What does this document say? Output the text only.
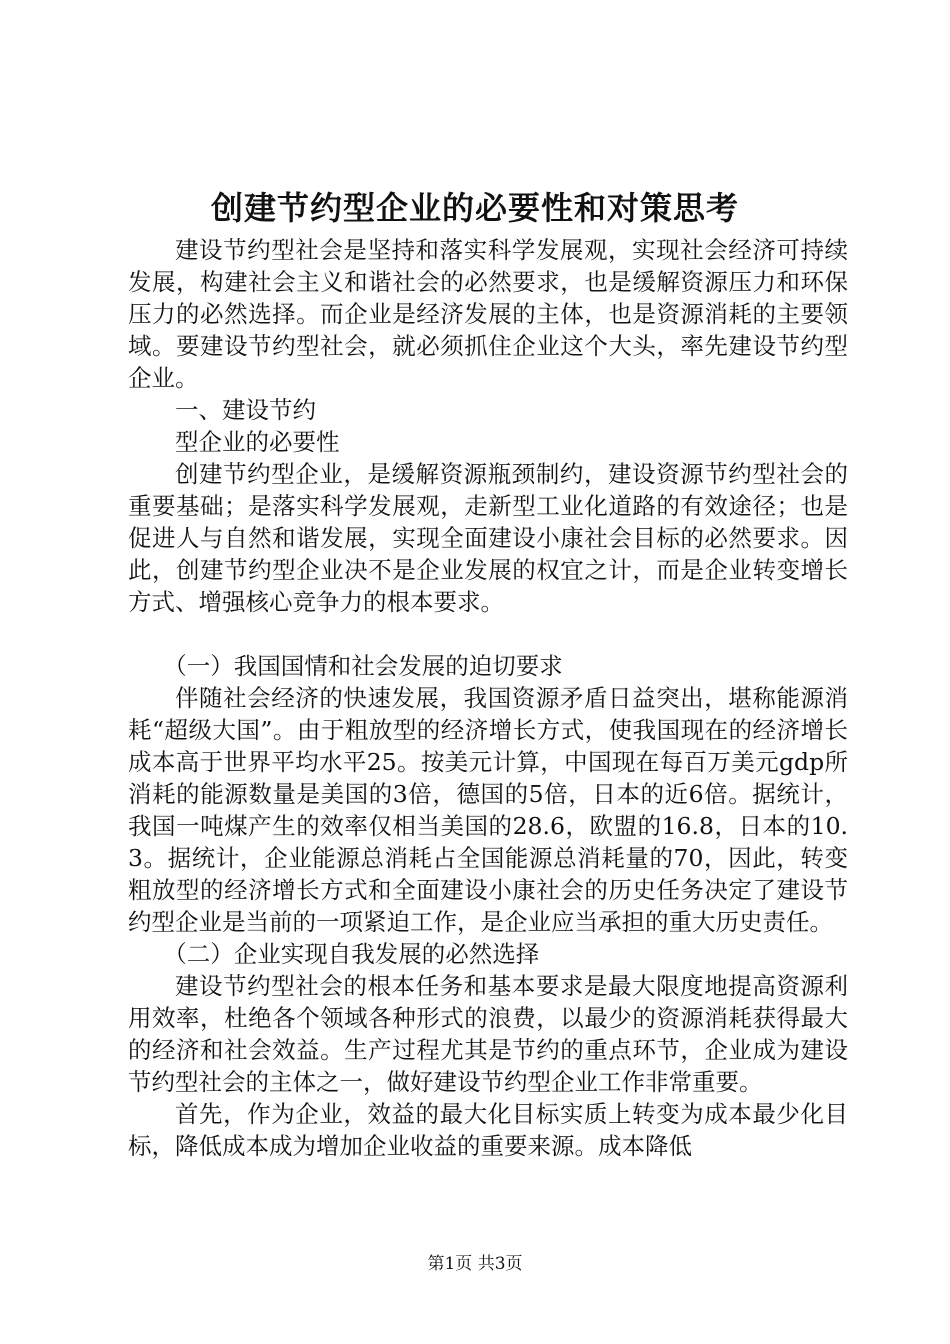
创建节约型企业的必要性和对策思考

建设节约型社会是坚持和落实科学发展观，实现社会经济可持续发展，构建社会主义和谐社会的必然要求，也是缓解资源压力和环保压力的必然选择。而企业是经济发展的主体，也是资源消耗的主要领域。要建设节约型社会，就必须抓住企业这个大头，率先建设节约型企业。

一、建设节约

型企业的必要性

创建节约型企业，是缓解资源瓶颈制约，建设资源节约型社会的重要基础；是落实科学发展观，走新型工业化道路的有效途径；也是促进人与自然和谐发展，实现全面建设小康社会目标的必然要求。因此，创建节约型企业决不是企业发展的权宜之计，而是企业转变增长方式、增强核心竞争力的根本要求。

（一）我国国情和社会发展的迫切要求

伴随社会经济的快速发展，我国资源矛盾日益突出，堪称能源消耗“超级大国”。由于粗放型的经济增长方式，使我国现在的经济增长成本高于世界平均水平25。按美元计算，中国现在每百万美元gdp所消耗的能源数量是美国的3倍，德国的5倍，日本的近6倍。据统计，我国一吨煤产生的效率仅相当美国的28.6，欧盟的16.8，日本的10.3。据统计，企业能源总消耗占全国能源总消耗量的70，因此，转变粗放型的经济增长方式和全面建设小康社会的历史任务决定了建设节约型企业是当前的一项紧迫工作，是企业应当承担的重大历史责任。

（二）企业实现自我发展的必然选择

建设节约型社会的根本任务和基本要求是最大限度地提高资源利用效率，杜绝各个领域各种形式的浪费，以最少的资源消耗获得最大的经济和社会效益。生产过程尤其是节约的重点环节，企业成为建设节约型社会的主体之一，做好建设节约型企业工作非常重要。

首先，作为企业，效益的最大化目标实质上转变为成本最少化目标，降低成本成为增加企业收益的重要来源。成本降低

第1页 共3页
